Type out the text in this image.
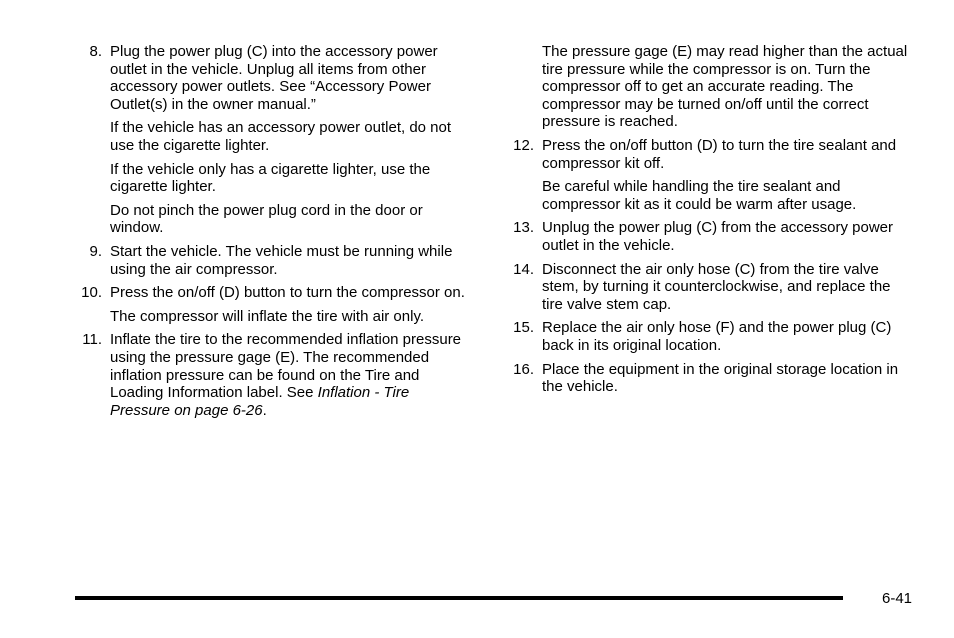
8. Plug the power plug (C) into the accessory power outlet in the vehicle. Unplug all items from other accessory power outlets. See “Accessory Power Outlet(s) in the owner manual.”

If the vehicle has an accessory power outlet, do not use the cigarette lighter.

If the vehicle only has a cigarette lighter, use the cigarette lighter.

Do not pinch the power plug cord in the door or window.

9. Start the vehicle. The vehicle must be running while using the air compressor.

10. Press the on/off (D) button to turn the compressor on.

The compressor will inflate the tire with air only.

11. Inflate the tire to the recommended inflation pressure using the pressure gage (E). The recommended inflation pressure can be found on the Tire and Loading Information label. See Inflation - Tire Pressure on page 6-26.

The pressure gage (E) may read higher than the actual tire pressure while the compressor is on. Turn the compressor off to get an accurate reading. The compressor may be turned on/off until the correct pressure is reached.

12. Press the on/off button (D) to turn the tire sealant and compressor kit off.

Be careful while handling the tire sealant and compressor kit as it could be warm after usage.

13. Unplug the power plug (C) from the accessory power outlet in the vehicle.

14. Disconnect the air only hose (C) from the tire valve stem, by turning it counterclockwise, and replace the tire valve stem cap.

15. Replace the air only hose (F) and the power plug (C) back in its original location.

16. Place the equipment in the original storage location in the vehicle.

6-41
